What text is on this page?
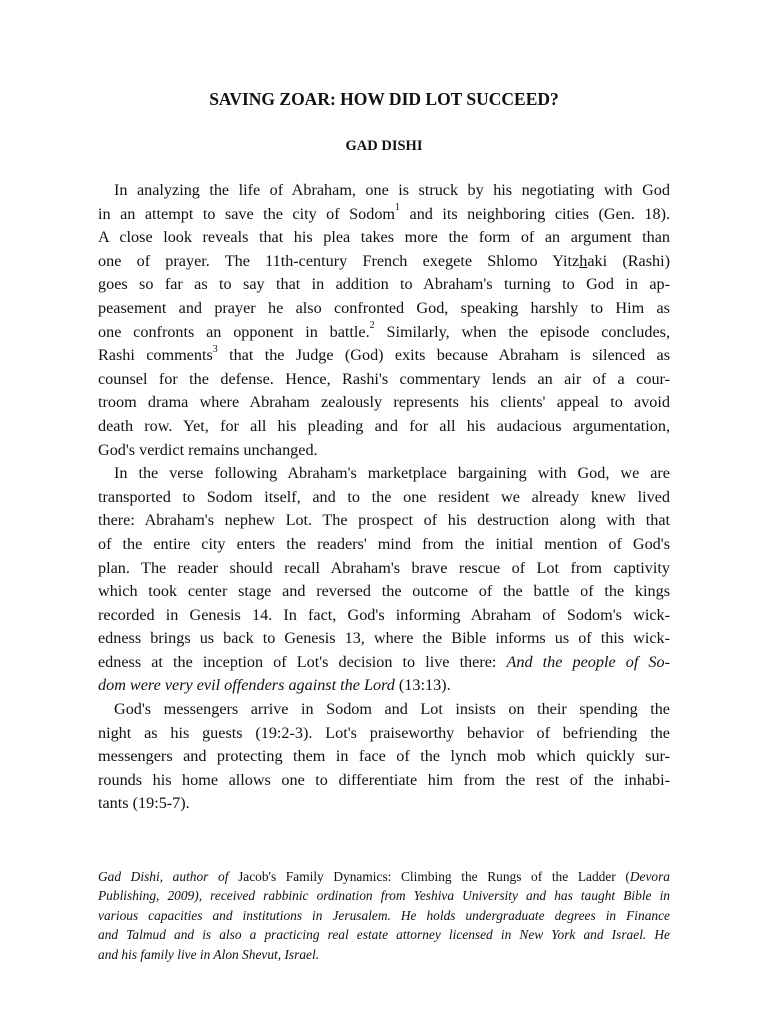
SAVING ZOAR: HOW DID LOT SUCCEED?
GAD DISHI
In analyzing the life of Abraham, one is struck by his negotiating with God
in an attempt to save the city of Sodom$^1$ and its neighboring cities (Gen. 18).
A close look reveals that his plea takes more the form of an argument than
one of prayer. The 11th-century French exegete Shlomo Yitzhaki (Rashi)
goes so far as to say that in addition to Abraham's turning to God in ap-
peasement and prayer he also confronted God, speaking harshly to Him as
one confronts an opponent in battle.$^2$ Similarly, when the episode concludes,
Rashi comments$^3$ that the Judge (God) exits because Abraham is silenced as
counsel for the defense. Hence, Rashi's commentary lends an air of a cour-
troom drama where Abraham zealously represents his clients' appeal to avoid
death row. Yet, for all his pleading and for all his audacious argumentation,
God's verdict remains unchanged.
In the verse following Abraham's marketplace bargaining with God, we are
transported to Sodom itself, and to the one resident we already knew lived
there: Abraham's nephew Lot. The prospect of his destruction along with that
of the entire city enters the readers' mind from the initial mention of God's
plan. The reader should recall Abraham's brave rescue of Lot from captivity
which took center stage and reversed the outcome of the battle of the kings
recorded in Genesis 14. In fact, God's informing Abraham of Sodom's wick-
edness brings us back to Genesis 13, where the Bible informs us of this wick-
edness at the inception of Lot's decision to live there: And the people of So-
dom were very evil offenders against the Lord (13:13).
God's messengers arrive in Sodom and Lot insists on their spending the
night as his guests (19:2-3). Lot's praiseworthy behavior of befriending the
messengers and protecting them in face of the lynch mob which quickly sur-
rounds his home allows one to differentiate him from the rest of the inhabi-
tants (19:5-7).
Gad Dishi, author of Jacob's Family Dynamics: Climbing the Rungs of the Ladder (Devora
Publishing, 2009), received rabbinic ordination from Yeshiva University and has taught Bible in
various capacities and institutions in Jerusalem. He holds undergraduate degrees in Finance
and Talmud and is also a practicing real estate attorney licensed in New York and Israel. He
and his family live in Alon Shevut, Israel.
